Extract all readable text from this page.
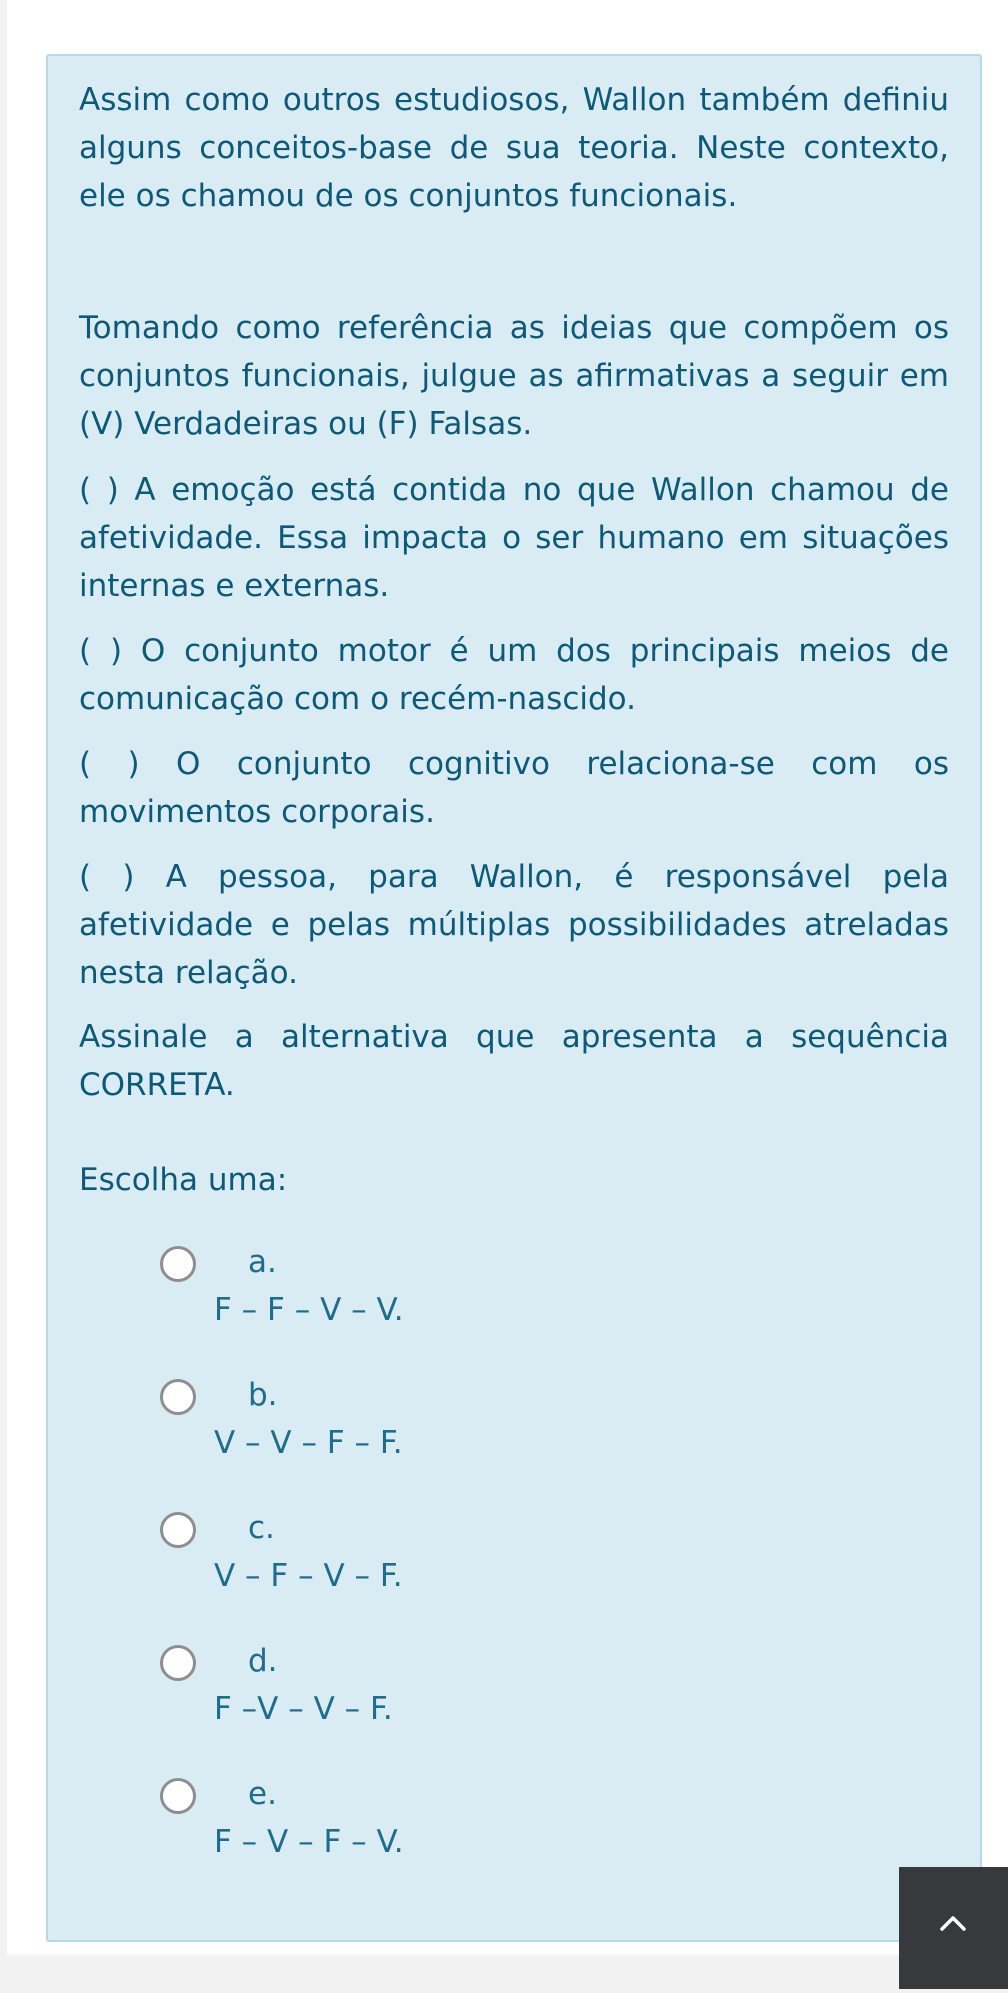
Assim como outros estudiosos, Wallon também definiu alguns conceitos-base de sua teoria. Neste contexto, ele os chamou de os conjuntos funcionais.

Tomando como referência as ideias que compõem os conjuntos funcionais, julgue as afirmativas a seguir em (V) Verdadeiras ou (F) Falsas.

( ) A emoção está contida no que Wallon chamou de afetividade. Essa impacta o ser humano em situações internas e externas.

( ) O conjunto motor é um dos principais meios de comunicação com o recém-nascido.

( ) O conjunto cognitivo relaciona-se com os movimentos corporais.

( ) A pessoa, para Wallon, é responsável pela afetividade e pelas múltiplas possibilidades atreladas nesta relação.

Assinale a alternativa que apresenta a sequência CORRETA.

Escolha uma:

a.
F – F – V – V.
b.
V – V – F – F.
c.
V – F – V – F.
d.
F –V – V – F.
e.
F – V – F – V.
